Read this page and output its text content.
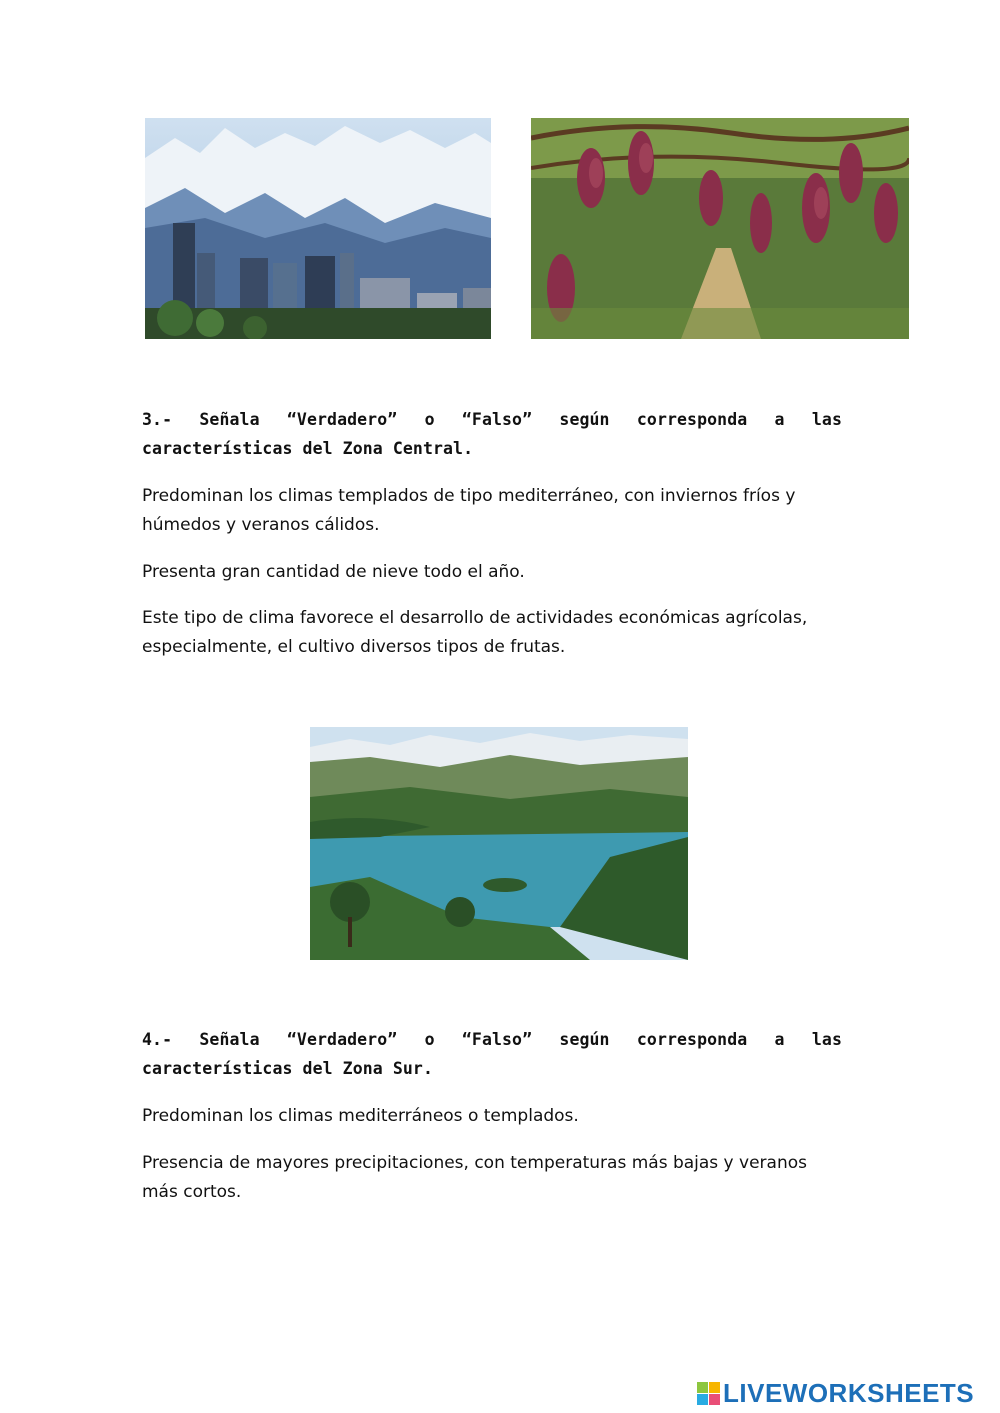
3.- Señala “Verdadero” o “Falso” según corresponda a las características del Zona Central.
Predominan los climas templados de tipo mediterráneo, con inviernos fríos y húmedos y veranos cálidos.
Presenta gran cantidad de nieve todo el año.
Este tipo de clima favorece el desarrollo de actividades económicas agrícolas, especialmente, el cultivo diversos tipos de frutas.
4.- Señala “Verdadero” o “Falso” según corresponda a las características del Zona Sur.
Predominan los climas mediterráneos o templados.
Presencia de mayores precipitaciones, con temperaturas más bajas y veranos más cortos.
LIVEWORKSHEETS
